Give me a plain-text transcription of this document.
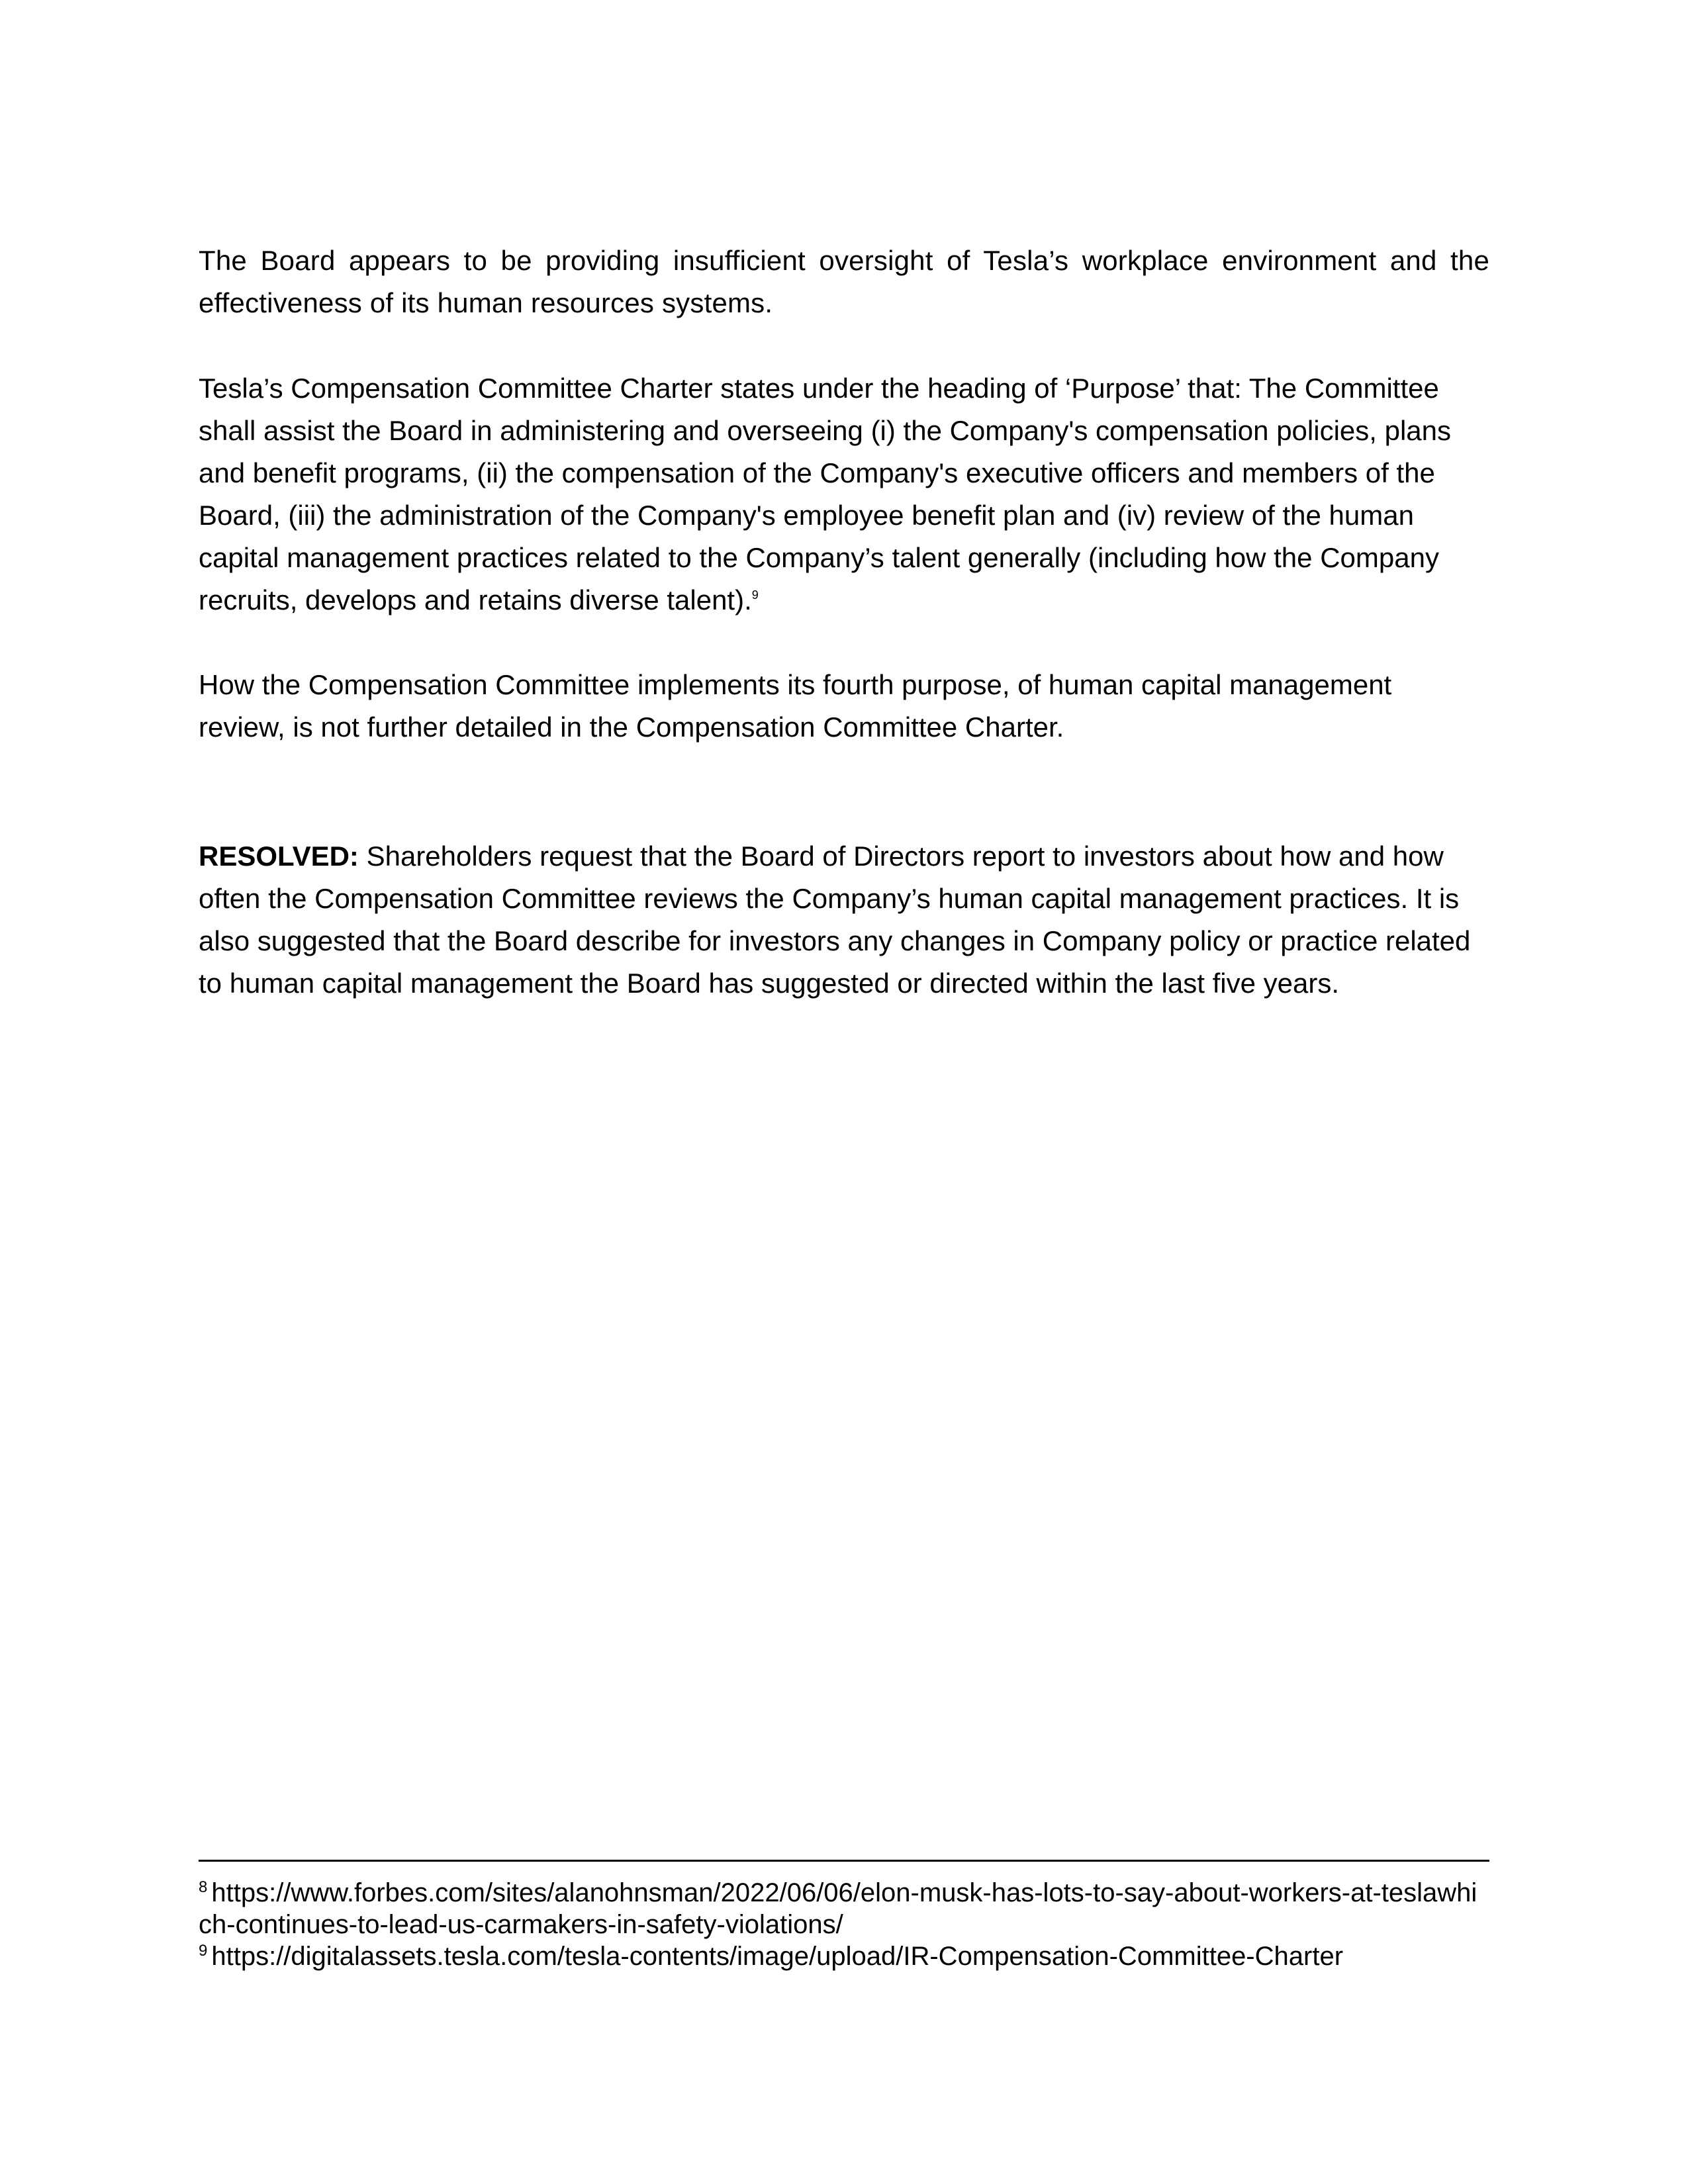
The Board appears to be providing insufficient oversight of Tesla’s workplace environment and the effectiveness of its human resources systems.

Tesla’s Compensation Committee Charter states under the heading of ‘Purpose’ that: The Committee shall assist the Board in administering and overseeing (i) the Company's compensation policies, plans and benefit programs, (ii) the compensation of the Company's executive officers and members of the Board, (iii) the administration of the Company's employee benefit plan and (iv) review of the human capital management practices related to the Company’s talent generally (including how the Company recruits, develops and retains diverse talent).$^9$

How the Compensation Committee implements its fourth purpose, of human capital management review, is not further detailed in the Compensation Committee Charter.

RESOLVED: Shareholders request that the Board of Directors report to investors about how and how often the Compensation Committee reviews the Company’s human capital management practices. It is also suggested that the Board describe for investors any changes in Company policy or practice related to human capital management the Board has suggested or directed within the last five years.

$^8$ https://www.forbes.com/sites/alanohnsman/2022/06/06/elon-musk-has-lots-to-say-about-workers-at-teslawhich-continues-to-lead-us-carmakers-in-safety-violations/

$^9$ https://digitalassets.tesla.com/tesla-contents/image/upload/IR-Compensation-Committee-Charter
